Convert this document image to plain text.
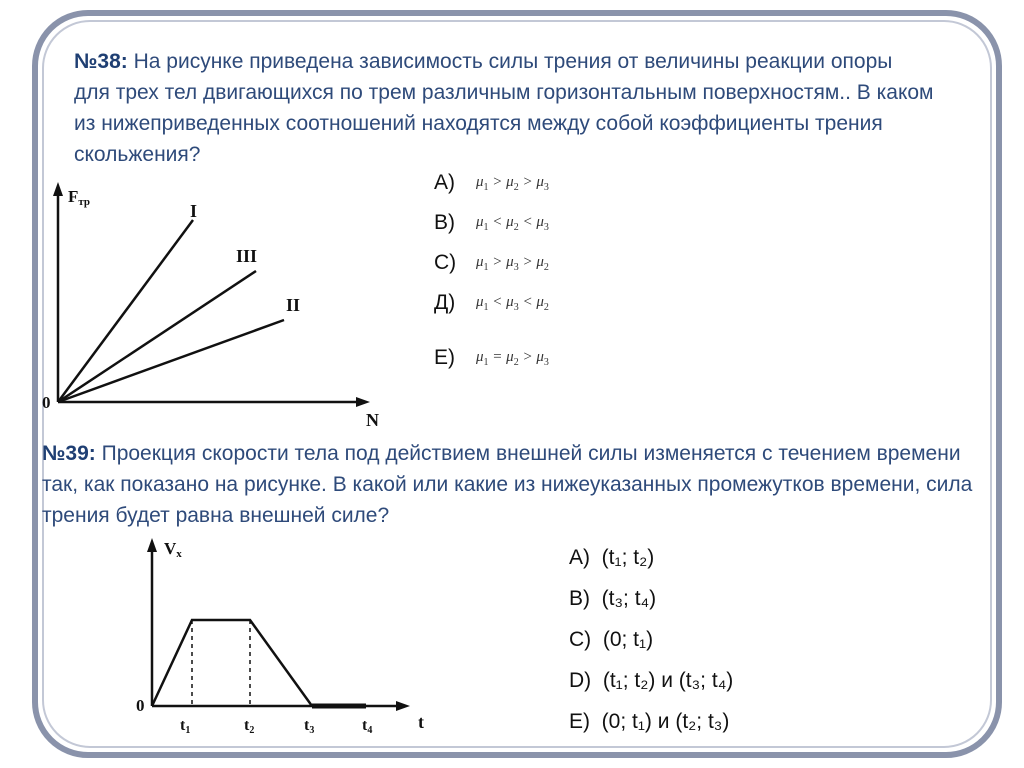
№38: На рисунке приведена зависимость силы трения от величины реакции опоры для трех тел двигающихся по трем различным горизонтальным поверхностям.. В каком из нижеприведенных соотношений находятся между собой коэффициенты трения скольжения?

Fтр
N
0
I
III
II
A) $\mu_1 > \mu_2 > \mu_3$
B) $\mu_1 < \mu_2 < \mu_3$
C) $\mu_1 > \mu_3 > \mu_2$
Д) $\mu_1 < \mu_3 < \mu_2$
E) $\mu_1 = \mu_2 > \mu_3$

№39: Проекция скорости тела под действием внешней силы изменяется с течением времени так, как показано на рисунке. В какой или какие из нижеуказанных промежутков времени, сила трения будет равна внешней силе?

Vx
t
0
t1	t2	t3	t4
A) (t₁; t₂)
B) (t₃; t₄)
C) (0; t₁)
D) (t₁; t₂) и (t₃; t₄)
E) (0; t₁) и (t₂; t₃)
